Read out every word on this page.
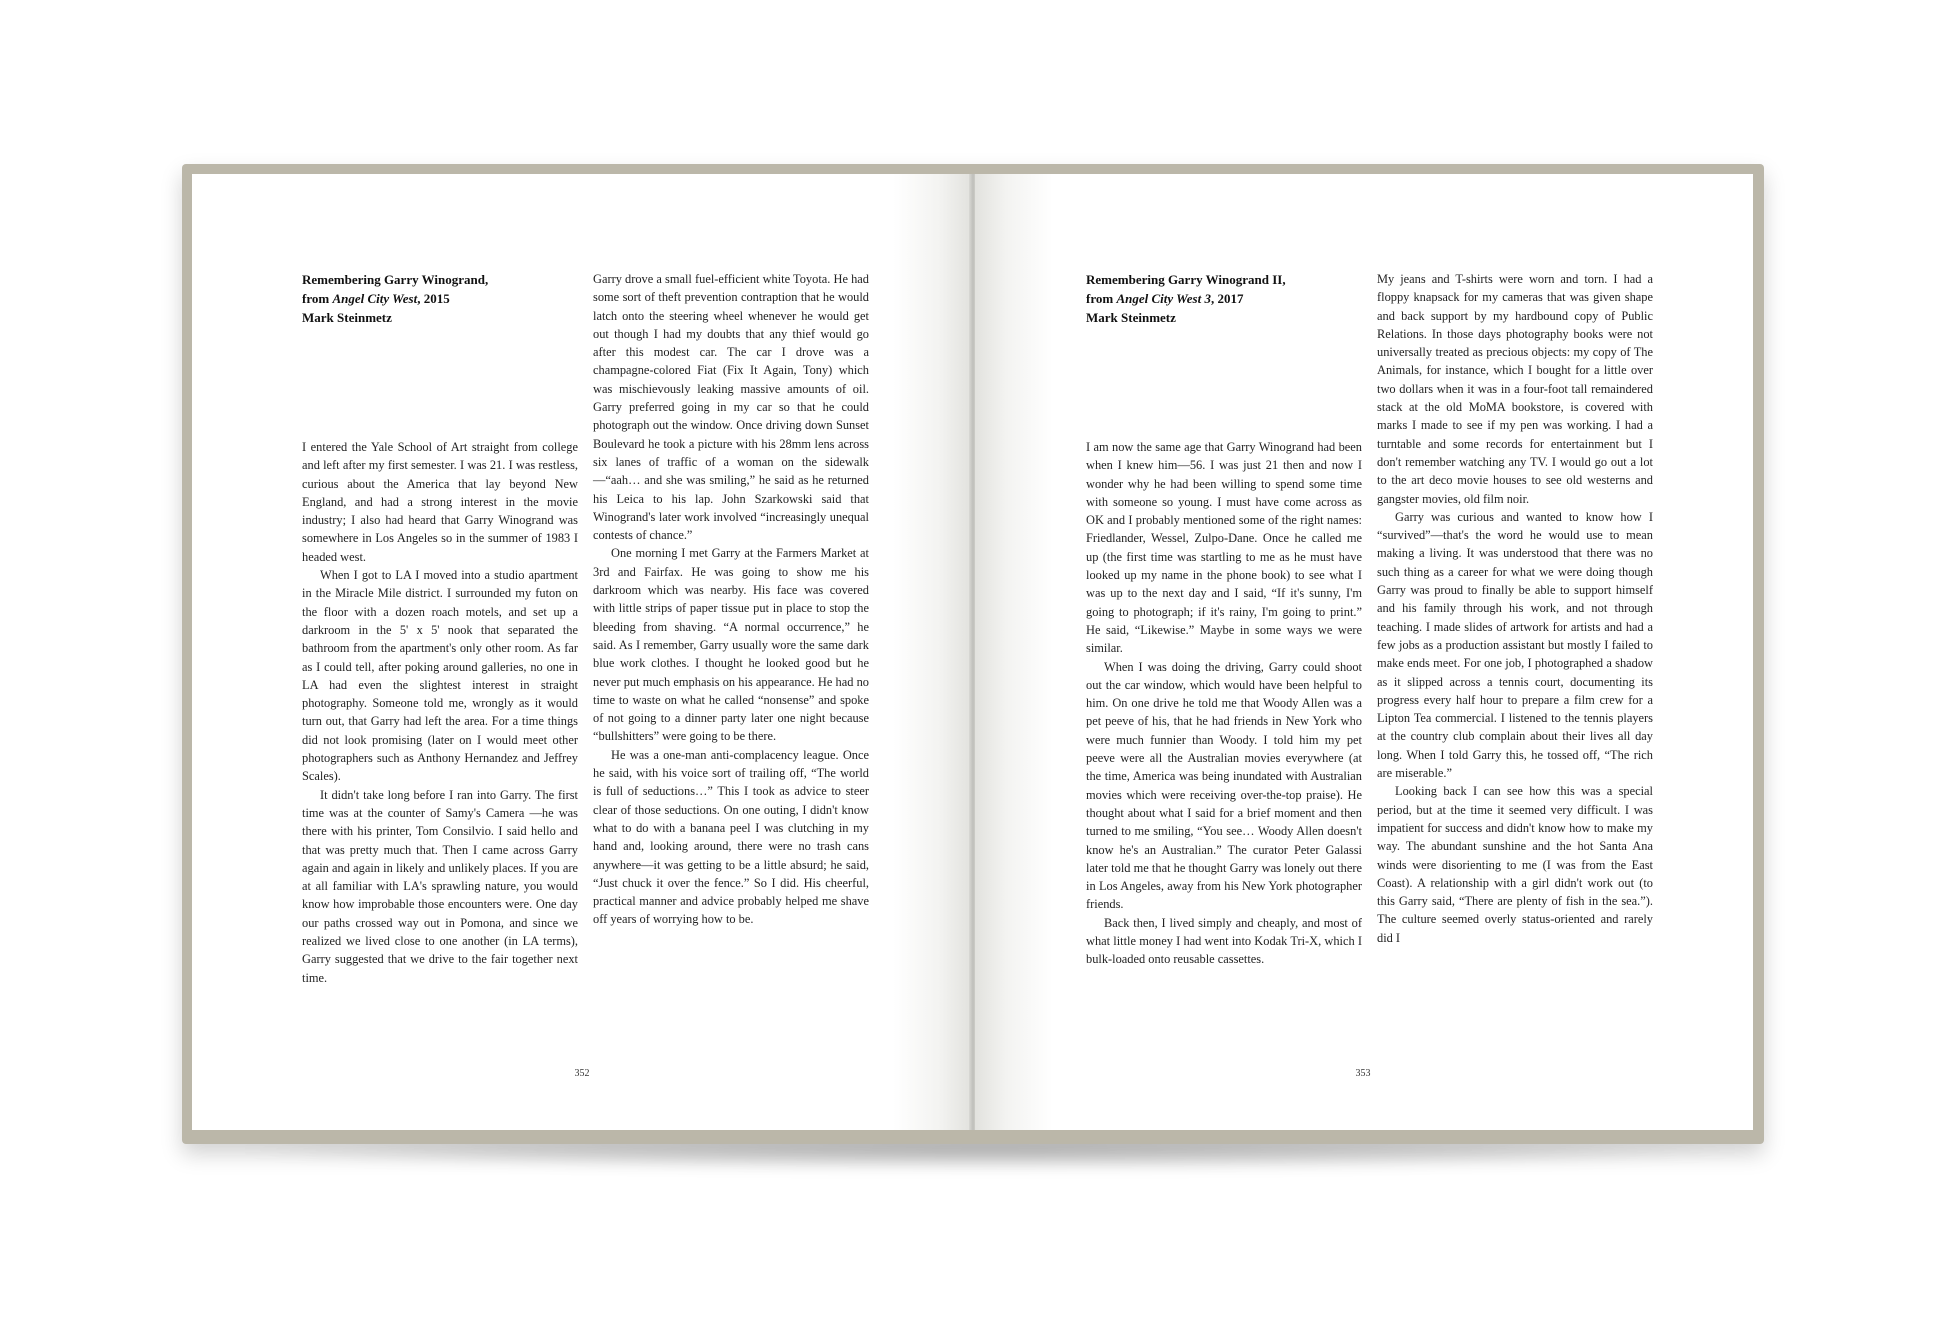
Remembering Garry Winogrand,
from Angel City West, 2015
Mark Steinmetz

I entered the Yale School of Art straight from college and left after my first semester. I was 21. I was restless, curious about the America that lay beyond New England, and had a strong interest in the movie industry; I also had heard that Garry Winogrand was somewhere in Los Angeles so in the summer of 1983 I headed west.

When I got to LA I moved into a studio apartment in the Miracle Mile district. I surrounded my futon on the floor with a dozen roach motels, and set up a darkroom in the 5' x 5' nook that separated the bathroom from the apartment's only other room. As far as I could tell, after poking around galleries, no one in LA had even the slightest interest in straight photography. Someone told me, wrongly as it would turn out, that Garry had left the area. For a time things did not look promising (later on I would meet other photographers such as Anthony Hernandez and Jeffrey Scales).

It didn't take long before I ran into Garry. The first time was at the counter of Samy's Camera —he was there with his printer, Tom Consilvio. I said hello and that was pretty much that. Then I came across Garry again and again in likely and unlikely places. If you are at all familiar with LA's sprawling nature, you would know how improbable those encounters were. One day our paths crossed way out in Pomona, and since we realized we lived close to one another (in LA terms), Garry suggested that we drive to the fair together next time.

Garry drove a small fuel-efficient white Toyota. He had some sort of theft prevention contraption that he would latch onto the steering wheel whenever he would get out though I had my doubts that any thief would go after this modest car. The car I drove was a champagne-colored Fiat (Fix It Again, Tony) which was mischievously leaking massive amounts of oil. Garry preferred going in my car so that he could photograph out the window. Once driving down Sunset Boulevard he took a picture with his 28mm lens across six lanes of traffic of a woman on the sidewalk—“aah… and she was smiling,” he said as he returned his Leica to his lap. John Szarkowski said that Winogrand's later work involved “increasingly unequal contests of chance.”

One morning I met Garry at the Farmers Market at 3rd and Fairfax. He was going to show me his darkroom which was nearby. His face was covered with little strips of paper tissue put in place to stop the bleeding from shaving. “A normal occurrence,” he said. As I remember, Garry usually wore the same dark blue work clothes. I thought he looked good but he never put much emphasis on his appearance. He had no time to waste on what he called “nonsense” and spoke of not going to a dinner party later one night because “bullshitters” were going to be there.

He was a one-man anti-complacency league. Once he said, with his voice sort of trailing off, “The world is full of seductions…” This I took as advice to steer clear of those seductions. On one outing, I didn't know what to do with a banana peel I was clutching in my hand and, looking around, there were no trash cans anywhere—it was getting to be a little absurd; he said, “Just chuck it over the fence.” So I did. His cheerful, practical manner and advice probably helped me shave off years of worrying how to be.

352
Remembering Garry Winogrand II,
from Angel City West 3, 2017
Mark Steinmetz

I am now the same age that Garry Winogrand had been when I knew him—56. I was just 21 then and now I wonder why he had been willing to spend some time with someone so young. I must have come across as OK and I probably mentioned some of the right names: Friedlander, Wessel, Zulpo-Dane. Once he called me up (the first time was startling to me as he must have looked up my name in the phone book) to see what I was up to the next day and I said, “If it's sunny, I'm going to photograph; if it's rainy, I'm going to print.” He said, “Likewise.” Maybe in some ways we were similar.

When I was doing the driving, Garry could shoot out the car window, which would have been helpful to him. On one drive he told me that Woody Allen was a pet peeve of his, that he had friends in New York who were much funnier than Woody. I told him my pet peeve were all the Australian movies everywhere (at the time, America was being inundated with Australian movies which were receiving over-the-top praise). He thought about what I said for a brief moment and then turned to me smiling, “You see… Woody Allen doesn't know he's an Australian.” The curator Peter Galassi later told me that he thought Garry was lonely out there in Los Angeles, away from his New York photographer friends.

Back then, I lived simply and cheaply, and most of what little money I had went into Kodak Tri-X, which I bulk-loaded onto reusable cassettes.

My jeans and T-shirts were worn and torn. I had a floppy knapsack for my cameras that was given shape and back support by my hardbound copy of Public Relations. In those days photography books were not universally treated as precious objects: my copy of The Animals, for instance, which I bought for a little over two dollars when it was in a four-foot tall remaindered stack at the old MoMA bookstore, is covered with marks I made to see if my pen was working. I had a turntable and some records for entertainment but I don't remember watching any TV. I would go out a lot to the art deco movie houses to see old westerns and gangster movies, old film noir.

Garry was curious and wanted to know how I “survived”—that's the word he would use to mean making a living. It was understood that there was no such thing as a career for what we were doing though Garry was proud to finally be able to support himself and his family through his work, and not through teaching. I made slides of artwork for artists and had a few jobs as a production assistant but mostly I failed to make ends meet. For one job, I photographed a shadow as it slipped across a tennis court, documenting its progress every half hour to prepare a film crew for a Lipton Tea commercial. I listened to the tennis players at the country club complain about their lives all day long. When I told Garry this, he tossed off, “The rich are miserable.”

Looking back I can see how this was a special period, but at the time it seemed very difficult. I was impatient for success and didn't know how to make my way. The abundant sunshine and the hot Santa Ana winds were disorienting to me (I was from the East Coast). A relationship with a girl didn't work out (to this Garry said, “There are plenty of fish in the sea.”). The culture seemed overly status-oriented and rarely did I

353
